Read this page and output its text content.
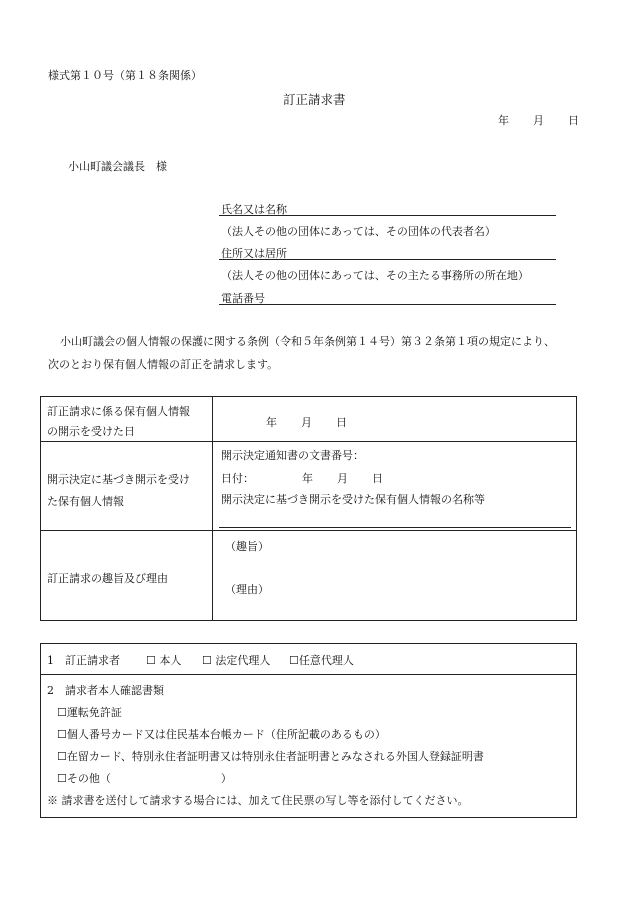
様式第１０号（第１８条関係）
訂正請求書
年 月 日
小山町議会議長　様
氏名又は名称
（法人その他の団体にあっては、その団体の代表者名）
住所又は居所
（法人その他の団体にあっては、その主たる事務所の所在地）
電話番号
小山町議会の個人情報の保護に関する条例（令和５年条例第１４号）第３２条第１項の規定により、
次のとおり保有個人情報の訂正を請求します。
訂正請求に係る保有個人情報
の開示を受けた日
年 月 日
開示決定に基づき開示を受け
た保有個人情報
開示決定通知書の文書番号：
日付：	年 月 日
開示決定に基づき開示を受けた保有個人情報の名称等
訂正請求の趣旨及び理由
（趣旨）
（理由）
1　訂正請求者 ☐ 本人 ☐ 法定代理人 ☐任意代理人
2　請求者本人確認書類
☐運転免許証
☐個人番号カード又は住民基本台帳カード（住所記載のあるもの）
☐在留カード、特別永住者証明書又は特別永住者証明書とみなされる外国人登録証明書
☐その他（	）
※ 請求書を送付して請求する場合には、加えて住民票の写し等を添付してください。
